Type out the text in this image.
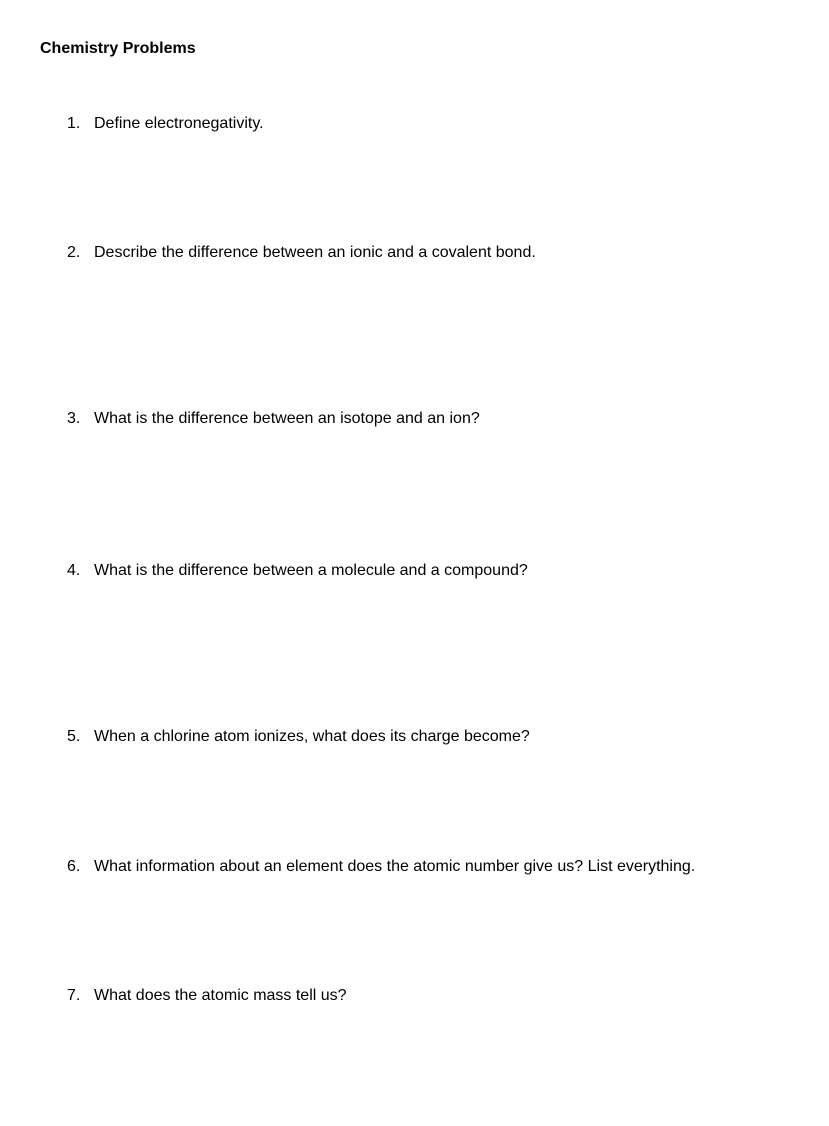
Chemistry Problems
1. Define electronegativity.
2. Describe the difference between an ionic and a covalent bond.
3. What is the difference between an isotope and an ion?
4. What is the difference between a molecule and a compound?
5. When a chlorine atom ionizes, what does its charge become?
6. What information about an element does the atomic number give us? List everything.
7. What does the atomic mass tell us?
